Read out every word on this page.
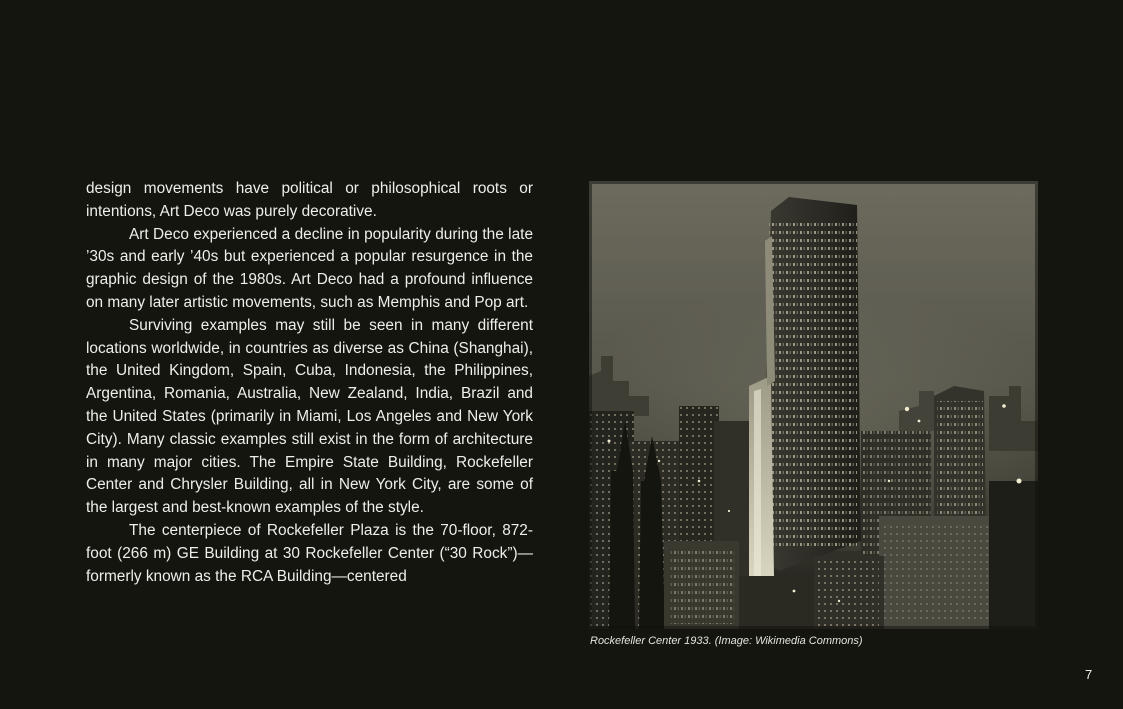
design movements have political or philosophical roots or intentions, Art Deco was purely decorative.

Art Deco experienced a decline in popularity during the late ’30s and early ’40s but experienced a popular resurgence in the graphic design of the 1980s. Art Deco had a profound influence on many later artistic movements, such as Memphis and Pop art.

Surviving examples may still be seen in many different locations worldwide, in countries as diverse as China (Shanghai), the United Kingdom, Spain, Cuba, Indonesia, the Philippines, Argentina, Romania, Australia, New Zealand, India, Brazil and the United States (primarily in Miami, Los Angeles and New York City). Many classic examples still exist in the form of architecture in many major cities. The Empire State Building, Rockefeller Center and Chrysler Building, all in New York City, are some of the largest and best-known examples of the style.

The centerpiece of Rockefeller Plaza is the 70-floor, 872-foot (266 m) GE Building at 30 Rockefeller Center (“30 Rock”)—formerly known as the RCA Building—centered

Rockefeller Center 1933. (Image: Wikimedia Commons)
7
